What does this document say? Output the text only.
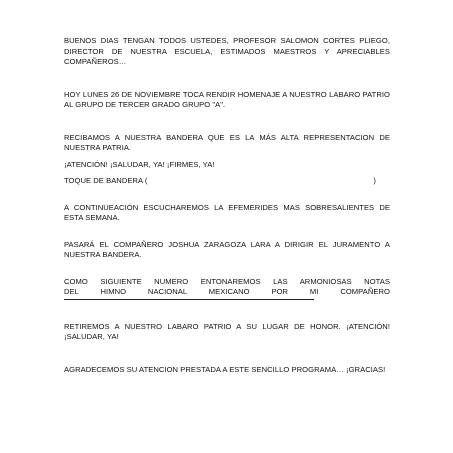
BUENOS DIAS TENGAN TODOS USTEDES, PROFESOR SALOMON CORTES PLIEGO, DIRECTOR DE NUESTRA ESCUELA, ESTIMADOS MAESTROS Y APRECIABLES COMPAÑEROS…

HOY LUNES 26 DE NOVIEMBRE TOCA RENDIR HOMENAJE A NUESTRO LABARO PATRIO AL GRUPO DE TERCER GRADO GRUPO "A".

RECIBAMOS A NUESTRA BANDERA QUE ES LA MÁS ALTA REPRESENTACION DE NUESTRA PATRIA.

¡ATENCIÓN! ¡SALUDAR, YA! ¡FIRMES, YA!

TOQUE DE BANDERA (	)

A CONTINUEACIÓN ESCUCHAREMOS LA EFEMERIDES MAS SOBRESALIENTES DE ESTA SEMANA.

PASARÁ EL COMPAÑERO JOSHUA ZARAGOZA LARA A DIRIGIR EL JURAMENTO A NUESTRA BANDERA.

COMO SIGUIENTE NUMERO ENTONAREMOS LAS ARMONIOSAS NOTAS

DEL HIMNO NACIONAL MEXICANO POR MI COMPAÑERO

RETIREMOS A NUESTRO LABARO PATRIO A SU LUGAR DE HONOR. ¡ATENCIÓN! ¡SALUDAR, YA!

AGRADECEMOS SU ATENCION PRESTADA A ESTE SENCILLO PROGRAMA… ¡GRACIAS!
